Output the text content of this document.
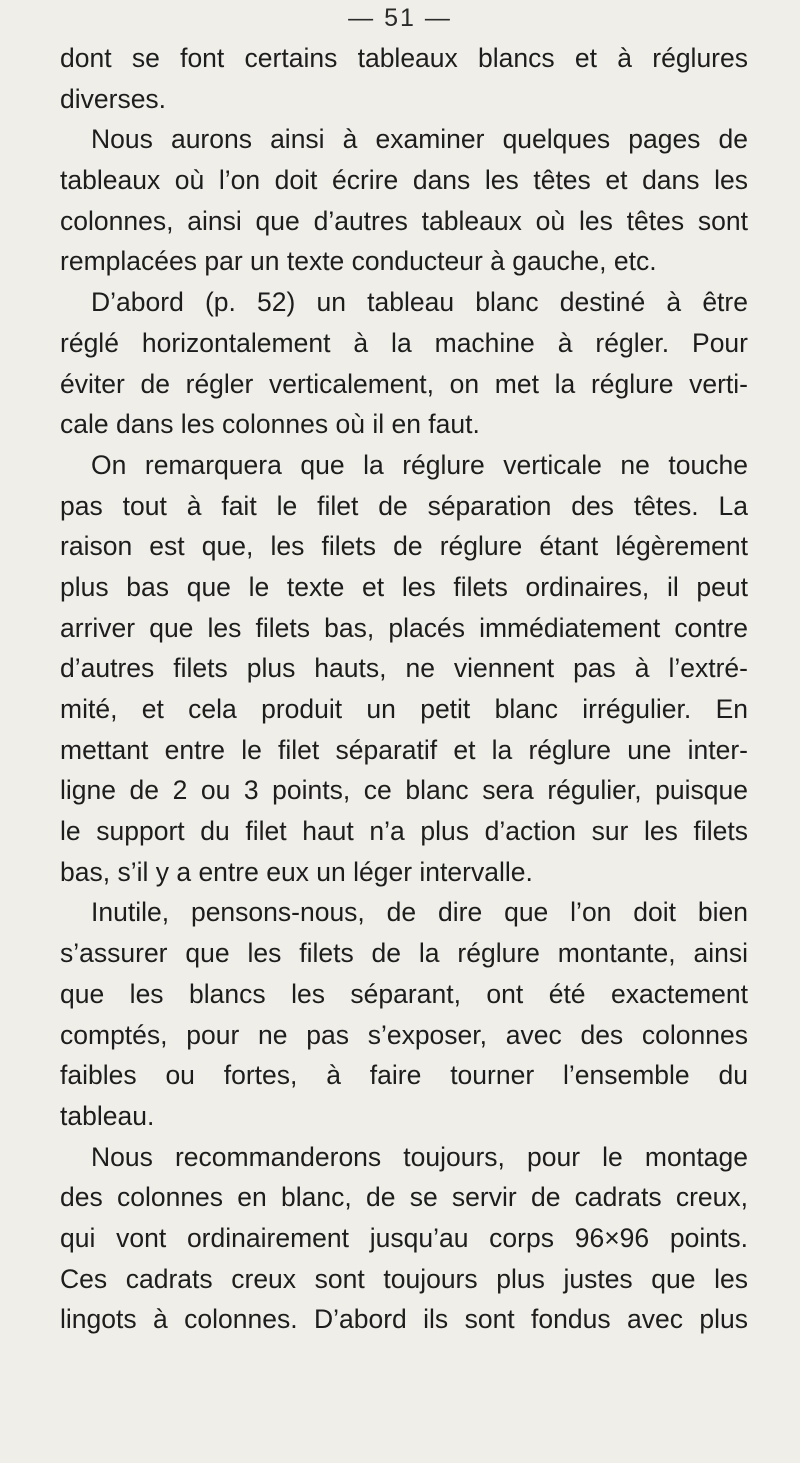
— 51 —
dont se font certains tableaux blancs et à réglures
diverses.
Nous aurons ainsi à examiner quelques pages de
tableaux où l’on doit écrire dans les têtes et dans les
colonnes, ainsi que d’autres tableaux où les têtes sont
remplacées par un texte conducteur à gauche, etc.
D’abord (p. 52) un tableau blanc destiné à être
réglé horizontalement à la machine à régler. Pour
éviter de régler verticalement, on met la réglure verti-
cale dans les colonnes où il en faut.
On remarquera que la réglure verticale ne touche
pas tout à fait le filet de séparation des têtes. La
raison est que, les filets de réglure étant légèrement
plus bas que le texte et les filets ordinaires, il peut
arriver que les filets bas, placés immédiatement contre
d’autres filets plus hauts, ne viennent pas à l’extré-
mité, et cela produit un petit blanc irrégulier. En
mettant entre le filet séparatif et la réglure une inter-
ligne de 2 ou 3 points, ce blanc sera régulier, puisque
le support du filet haut n’a plus d’action sur les filets
bas, s’il y a entre eux un léger intervalle.
Inutile, pensons-nous, de dire que l’on doit bien
s’assurer que les filets de la réglure montante, ainsi
que les blancs les séparant, ont été exactement
comptés, pour ne pas s’exposer, avec des colonnes
faibles ou fortes, à faire tourner l’ensemble du
tableau.
Nous recommanderons toujours, pour le montage
des colonnes en blanc, de se servir de cadrats creux,
qui vont ordinairement jusqu’au corps 96×96 points.
Ces cadrats creux sont toujours plus justes que les
lingots à colonnes. D’abord ils sont fondus avec plus
